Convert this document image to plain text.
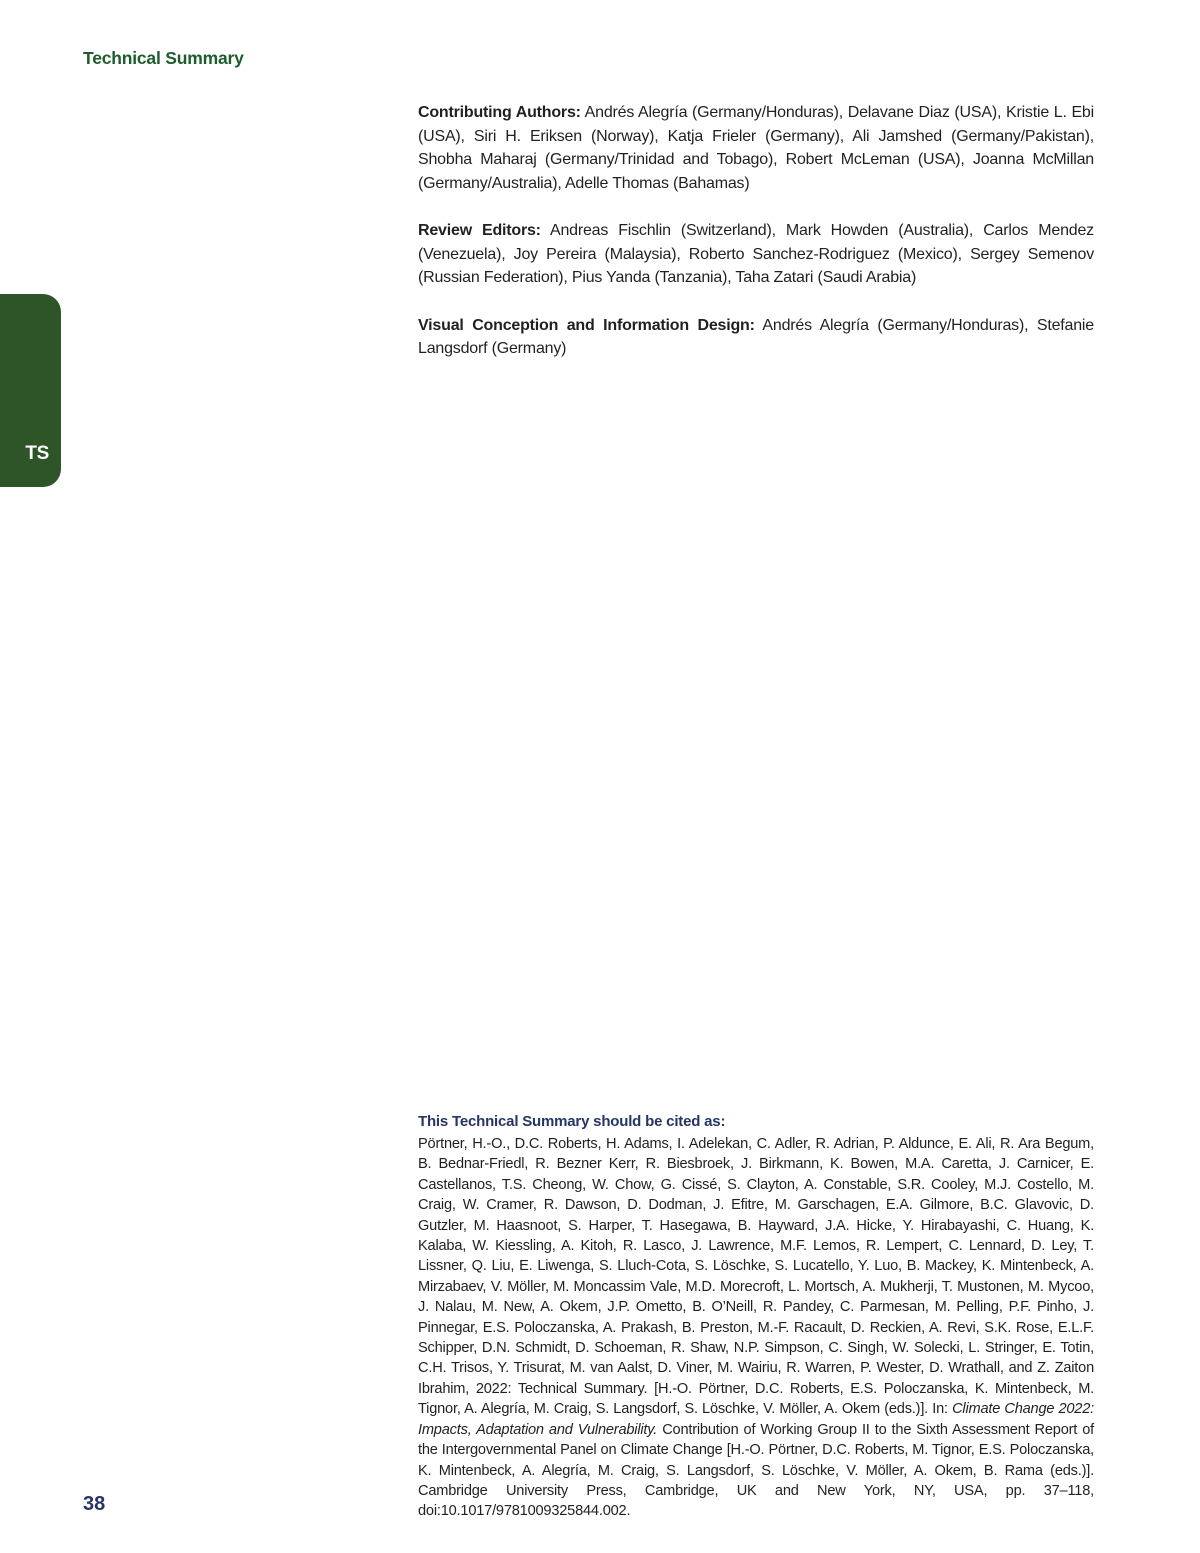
Technical Summary
TS

Contributing Authors: Andrés Alegría (Germany/Honduras), Delavane Diaz (USA), Kristie L. Ebi (USA), Siri H. Eriksen (Norway), Katja Frieler (Germany), Ali Jamshed (Germany/Pakistan), Shobha Maharaj (Germany/Trinidad and Tobago), Robert McLeman (USA), Joanna McMillan (Germany/Australia), Adelle Thomas (Bahamas)

Review Editors: Andreas Fischlin (Switzerland), Mark Howden (Australia), Carlos Mendez (Venezuela), Joy Pereira (Malaysia), Roberto Sanchez-Rodriguez (Mexico), Sergey Semenov (Russian Federation), Pius Yanda (Tanzania), Taha Zatari (Saudi Arabia)

Visual Conception and Information Design: Andrés Alegría (Germany/Honduras), Stefanie Langsdorf (Germany)

This Technical Summary should be cited as:

Pörtner, H.-O., D.C. Roberts, H. Adams, I. Adelekan, C. Adler, R. Adrian, P. Aldunce, E. Ali, R. Ara Begum, B. Bednar-Friedl, R. Bezner Kerr, R. Biesbroek, J. Birkmann, K. Bowen, M.A. Caretta, J. Carnicer, E. Castellanos, T.S. Cheong, W. Chow, G. Cissé, S. Clayton, A. Constable, S.R. Cooley, M.J. Costello, M. Craig, W. Cramer, R. Dawson, D. Dodman, J. Efitre, M. Garschagen, E.A. Gilmore, B.C. Glavovic, D. Gutzler, M. Haasnoot, S. Harper, T. Hasegawa, B. Hayward, J.A. Hicke, Y. Hirabayashi, C. Huang, K. Kalaba, W. Kiessling, A. Kitoh, R. Lasco, J. Lawrence, M.F. Lemos, R. Lempert, C. Lennard, D. Ley, T. Lissner, Q. Liu, E. Liwenga, S. Lluch-Cota, S. Löschke, S. Lucatello, Y. Luo, B. Mackey, K. Mintenbeck, A. Mirzabaev, V. Möller, M. Moncassim Vale, M.D. Morecroft, L. Mortsch, A. Mukherji, T. Mustonen, M. Mycoo, J. Nalau, M. New, A. Okem, J.P. Ometto, B. O’Neill, R. Pandey, C. Parmesan, M. Pelling, P.F. Pinho, J. Pinnegar, E.S. Poloczanska, A. Prakash, B. Preston, M.-F. Racault, D. Reckien, A. Revi, S.K. Rose, E.L.F. Schipper, D.N. Schmidt, D. Schoeman, R. Shaw, N.P. Simpson, C. Singh, W. Solecki, L. Stringer, E. Totin, C.H. Trisos, Y. Trisurat, M. van Aalst, D. Viner, M. Wairiu, R. Warren, P. Wester, D. Wrathall, and Z. Zaiton Ibrahim, 2022: Technical Summary. [H.-O. Pörtner, D.C. Roberts, E.S. Poloczanska, K. Mintenbeck, M. Tignor, A. Alegría, M. Craig, S. Langsdorf, S. Löschke, V. Möller, A. Okem (eds.)]. In: Climate Change 2022: Impacts, Adaptation and Vulnerability. Contribution of Working Group II to the Sixth Assessment Report of the Intergovernmental Panel on Climate Change [H.-O. Pörtner, D.C. Roberts, M. Tignor, E.S. Poloczanska, K. Mintenbeck, A. Alegría, M. Craig, S. Langsdorf, S. Löschke, V. Möller, A. Okem, B. Rama (eds.)]. Cambridge University Press, Cambridge, UK and New York, NY, USA, pp. 37–118, doi:10.1017/9781009325844.002.

38
